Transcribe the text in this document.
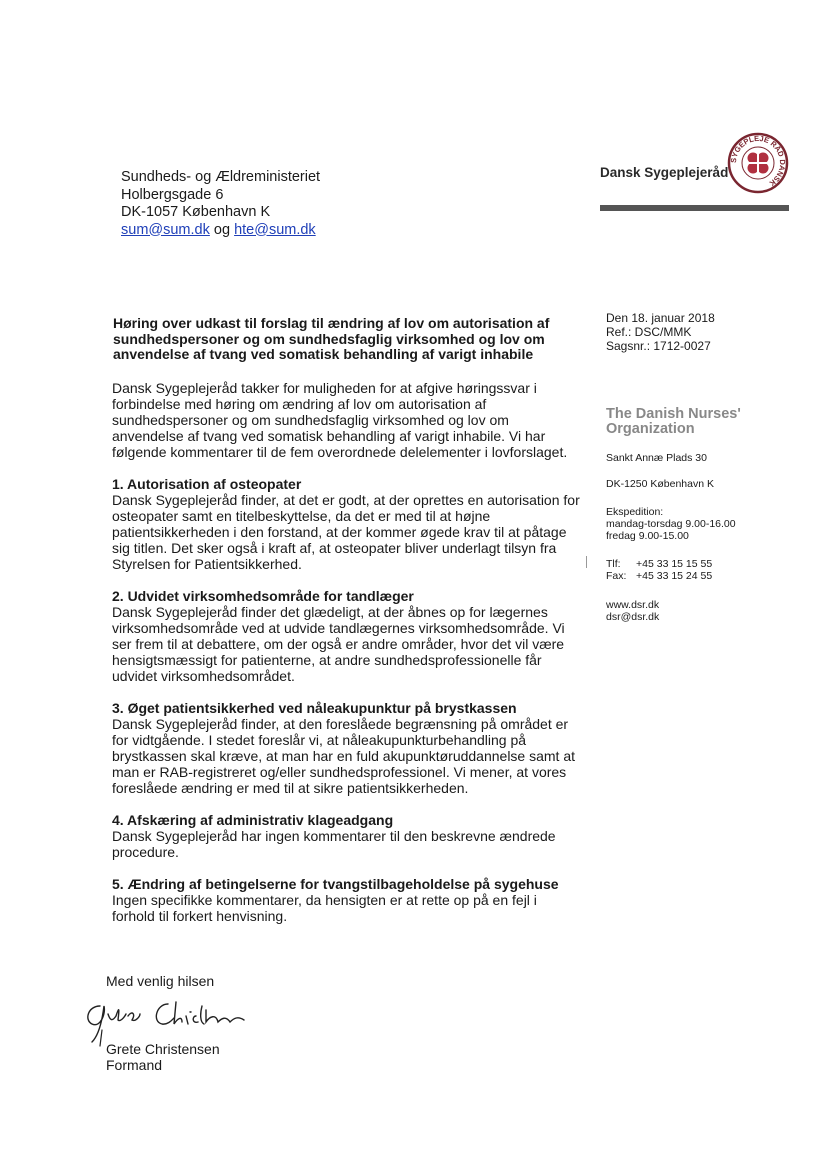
Sundheds- og Ældreministeriet
Holbergsgade 6
DK-1057 København K
sum@sum.dk og hte@sum.dk
Dansk Sygeplejeråd
SYGEPLEJE RÅD DANSK
Den 18. januar 2018
Ref.: DSC/MMK
Sagsnr.: 1712-0027
The Danish Nurses'
Organization
Sankt Annæ Plads 30
DK-1250 København K
Ekspedition:
mandag-torsdag 9.00-16.00
fredag 9.00-15.00
Tlf: +45 33 15 15 55
Fax: +45 33 15 24 55
www.dsr.dk
dsr@dsr.dk
Høring over udkast til forslag til ændring af lov om autorisation af sundhedspersoner og om sundhedsfaglig virksomhed og lov om anvendelse af tvang ved somatisk behandling af varigt inhabile

Dansk Sygeplejeråd takker for muligheden for at afgive høringssvar i forbindelse med høring om ændring af lov om autorisation af sundhedspersoner og om sundhedsfaglig virksomhed og lov om anvendelse af tvang ved somatisk behandling af varigt inhabile. Vi har følgende kommentarer til de fem overordnede delelementer i lovforslaget.

1. Autorisation af osteopater
Dansk Sygeplejeråd finder, at det er godt, at der oprettes en autorisation for osteopater samt en titelbeskyttelse, da det er med til at højne patientsikkerheden i den forstand, at der kommer øgede krav til at påtage sig titlen. Det sker også i kraft af, at osteopater bliver underlagt tilsyn fra Styrelsen for Patientsikkerhed.

2. Udvidet virksomhedsområde for tandlæger
Dansk Sygeplejeråd finder det glædeligt, at der åbnes op for lægernes virksomhedsområde ved at udvide tandlægernes virksomhedsområde. Vi ser frem til at debattere, om der også er andre områder, hvor det vil være hensigtsmæssigt for patienterne, at andre sundhedsprofessionelle får udvidet virksomhedsområdet.

3. Øget patientsikkerhed ved nåleakupunktur på brystkassen
Dansk Sygeplejeråd finder, at den foreslåede begrænsning på området er for vidtgående. I stedet foreslår vi, at nåleakupunkturbehandling på brystkassen skal kræve, at man har en fuld akupunktøruddannelse samt at man er RAB-registreret og/eller sundhedsprofessionel. Vi mener, at vores foreslåede ændring er med til at sikre patientsikkerheden.

4. Afskæring af administrativ klageadgang
Dansk Sygeplejeråd har ingen kommentarer til den beskrevne ændrede procedure.

5. Ændring af betingelserne for tvangstilbageholdelse på sygehuse
Ingen specifikke kommentarer, da hensigten er at rette op på en fejl i forhold til forkert henvisning.

Med venlig hilsen
Grete Christensen
Formand
